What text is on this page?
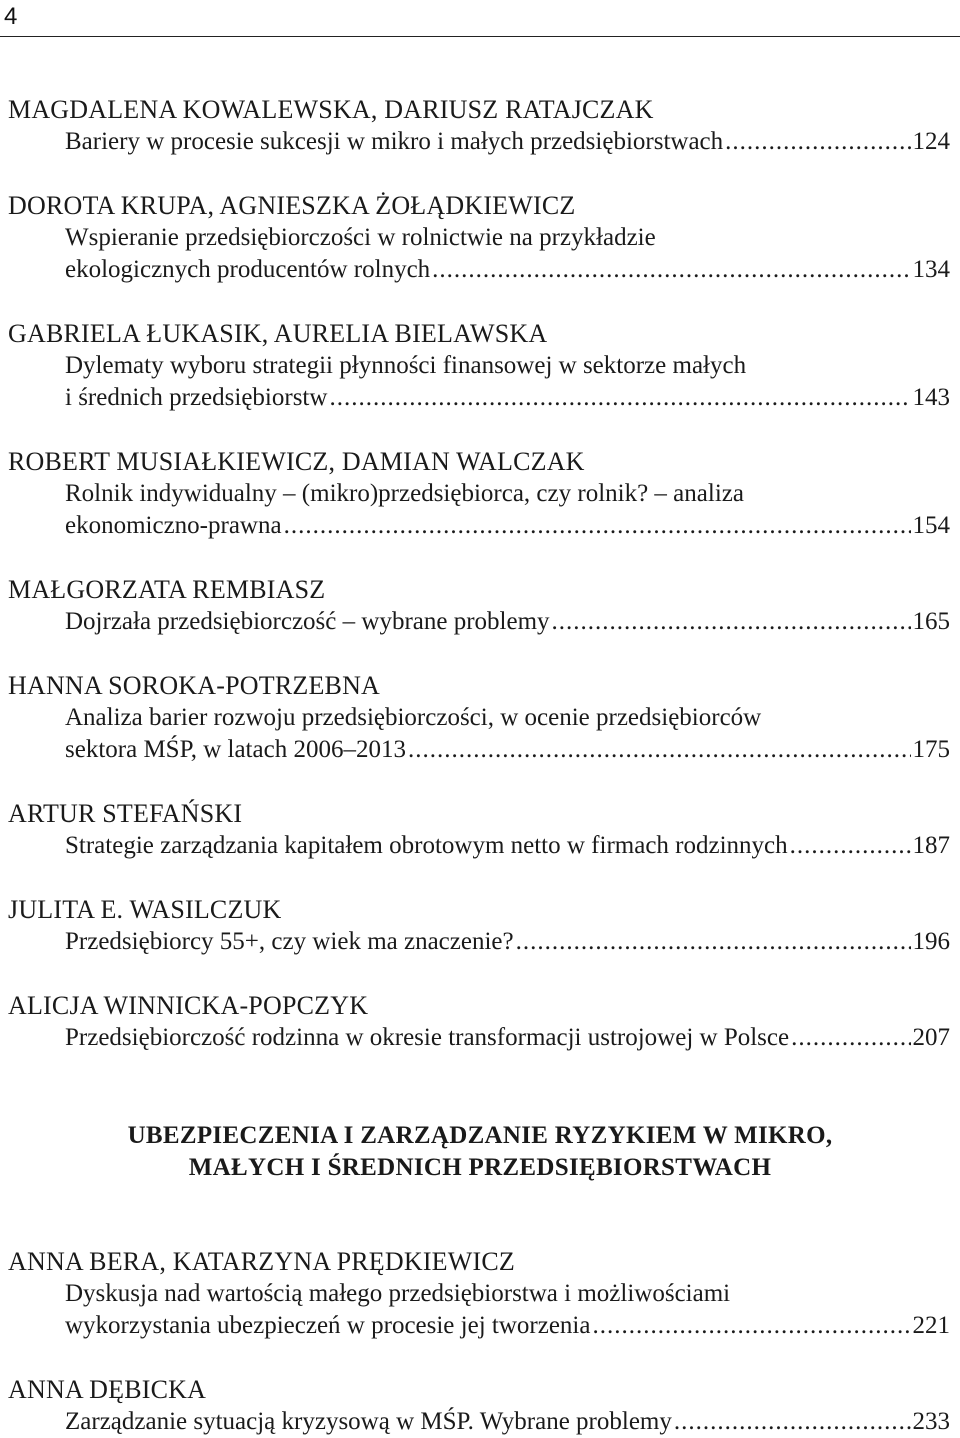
4
MAGDALENA KOWALEWSKA, DARIUSZ RATAJCZAK
Bariery w procesie sukcesji w mikro i małych przedsiębiorstwach .....	124
DOROTA KRUPA, AGNIESZKA ŻOŁĄDKIEWICZ
Wspieranie przedsiębiorczości w rolnictwie na przykładzie
ekologicznych producentów rolnych .....	134
GABRIELA ŁUKASIK, AURELIA BIELAWSKA
Dylematy wyboru strategii płynności finansowej w sektorze małych
i średnich przedsiębiorstw .....	143
ROBERT MUSIAŁKIEWICZ, DAMIAN WALCZAK
Rolnik indywidualny – (mikro)przedsiębiorca, czy rolnik? – analiza
ekonomiczno-prawna .....	154
MAŁGORZATA REMBIASZ
Dojrzała przedsiębiorczość – wybrane problemy .....	165
HANNA SOROKA-POTRZEBNA
Analiza barier rozwoju przedsiębiorczości, w ocenie przedsiębiorców
sektora MŚP, w latach 2006–2013 .....	175
ARTUR STEFAŃSKI
Strategie zarządzania kapitałem obrotowym netto w firmach rodzinnych .....	187
JULITA E. WASILCZUK
Przedsiębiorcy 55+, czy wiek ma znaczenie? .....	196
ALICJA WINNICKA-POPCZYK
Przedsiębiorczość rodzinna w okresie transformacji ustrojowej w Polsce .....	207
UBEZPIECZENIA I ZARZĄDZANIE RYZYKIEM W MIKRO,
MAŁYCH I ŚREDNICH PRZEDSIĘBIORSTWACH
ANNA BERA, KATARZYNA PRĘDKIEWICZ
Dyskusja nad wartością małego przedsiębiorstwa i możliwościami
wykorzystania ubezpieczeń w procesie jej tworzenia .....	221
ANNA DĘBICKA
Zarządzanie sytuacją kryzysową w MŚP. Wybrane problemy .....	233
